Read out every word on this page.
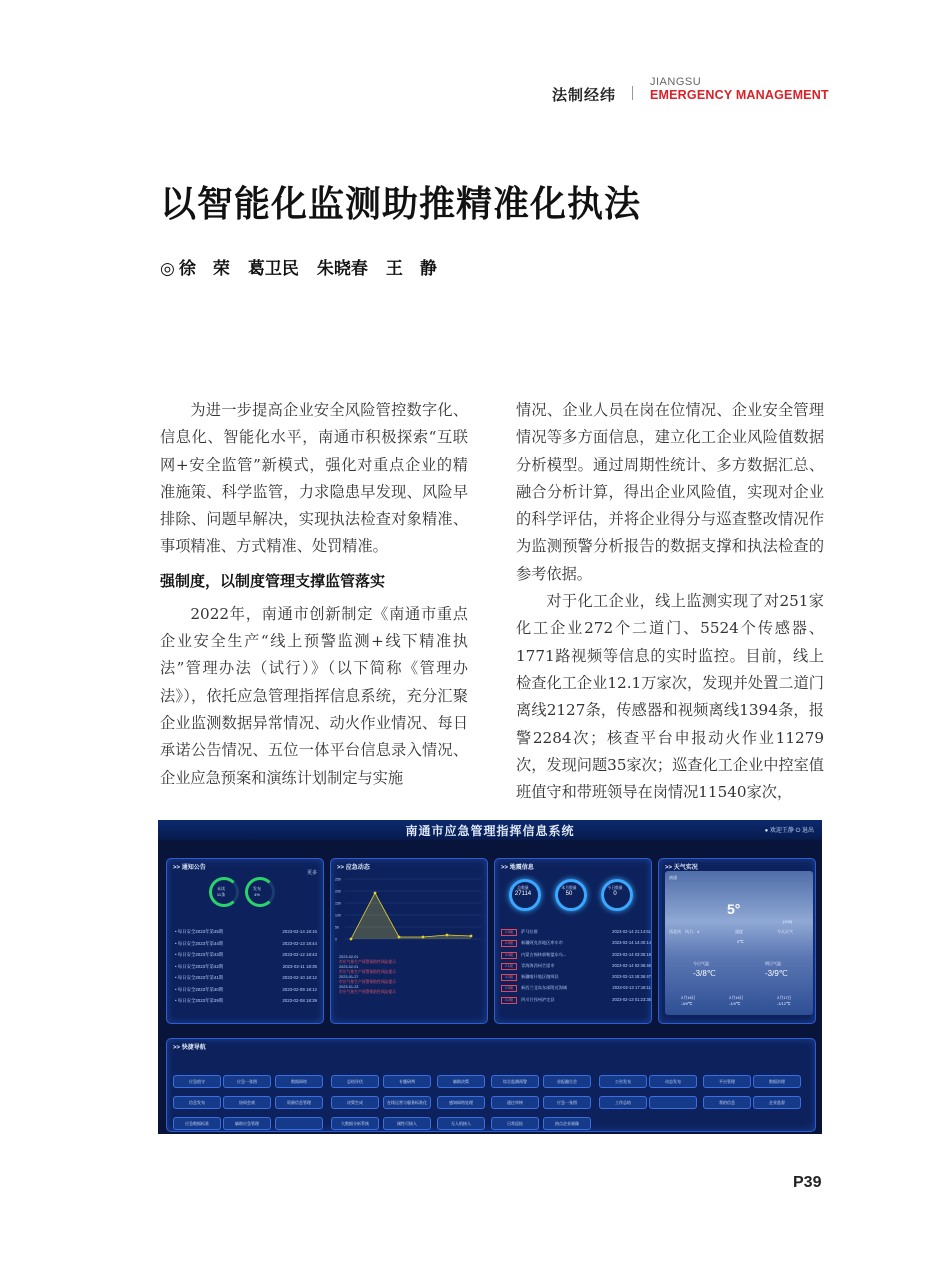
法制经纬
JIANGSU
EMERGENCY MANAGEMENT
以智能化监测助推精准化执法
◎ 徐　荣 葛卫民 朱晓春 王　静

为进一步提高企业安全风险管控数字化、信息化、智能化水平，南通市积极探索“互联网+安全监管”新模式，强化对重点企业的精准施策、科学监管，力求隐患早发现、风险早排除、问题早解决，实现执法检查对象精准、事项精准、方式精准、处罚精准。

强制度，以制度管理支撑监管落实

2022年，南通市创新制定《南通市重点企业安全生产“线上预警监测+线下精准执法”管理办法（试行）》（以下简称《管理办法》），依托应急管理指挥信息系统，充分汇聚企业监测数据异常情况、动火作业情况、每日承诺公告情况、五位一体平台信息录入情况、企业应急预案和演练计划制定与实施

情况、企业人员在岗在位情况、企业安全管理情况等多方面信息，建立化工企业风险值数据分析模型。通过周期性统计、多方数据汇总、融合分析计算，得出企业风险值，实现对企业的科学评估，并将企业得分与巡查整改情况作为监测预警分析报告的数据支撑和执法检查的参考依据。

对于化工企业，线上监测实现了对251家化工企业272个二道门、5524个传感器、1771路视频等信息的实时监控。目前，线上检查化工企业12.1万家次，发现并处置二道门离线2127条，传感器和视频离线1394条，报警2284次；核查平台申报动火作业11279次，发现问题35家次；巡查化工企业中控室值班值守和带班领导在岗情况11540家次，

南通市应急管理指挥信息系统	● 欢迎王静 ⏻ 退出
>> 通知公告
更多
未读
11条
发布
4%
• 每日安全2023年第45期	2023-02-14 18:16
• 每日安全2023年第44期	2023-02-13 18:44
• 每日安全2023年第43期	2023-02-12 18:43
• 每日安全2023年第42期	2023-02-11 18:35
• 每日安全2023年第41期	2023-02-10 18:12
• 每日安全2023年第40期	2023-02-09 18:12
• 每日安全2023年第39期	2023-02-08 18:39
>> 应急动态
250
200
150
100
50
0
2023-02-01
市应气象生产预警预防性风险提示
2023-02-01
市应气象生产预警预防性风险提示
2023-01-27
市应气象生产预警预防性风险提示
2023-01-23
市应气象生产预警预防性风险提示
>> 地震信息
总数量
27114
本月数量
50
今日数量
0
2.0级	萨马拉群	2023-02-14 21:14:51
2.0级	新疆阿克苏地区库车市	2023-02-14 14:40:14
3.0级	内蒙古锡林郭勒盟东乌...	2023-02-14 03:35:18
2.1级	青海海西州芒崖市	2023-02-14 02:36:46
3.2级	新疆喀什地区伽师县	2023-02-13 18:36:47
2.0级	新西兰北岛东部附近海域	2023-02-13 17:18:11
3.2级	四川甘孜州泸定县	2023-02-13 01:23:35
>> 天气实况
南通
5°
西北风　风力：4	湿度
5℃
今天天气
(100)
今日气温
-3/8℃
明日气温
-3/9℃
2月16日
-3/9℃
2月16日
-1/9℃
2月17日
-1/12℃
>> 快捷导航
应急值守	应急一张图	数据网络	总结评估	专题研判	辅助决策	综合监测预警	首报融合会	公告发布	动态发布	平台管理	数据治理
信息发布	协同会商	资源信息管理	决策生成	在线运营与服务标准化	感知网络处理	通过审核	应急一张图	工作总结	我的信息	企业监督
应急数据标准	辅助应急管理	大数据分析系统	刚性可接入	无人机接入	日常巡检	热点企业画像
P39
